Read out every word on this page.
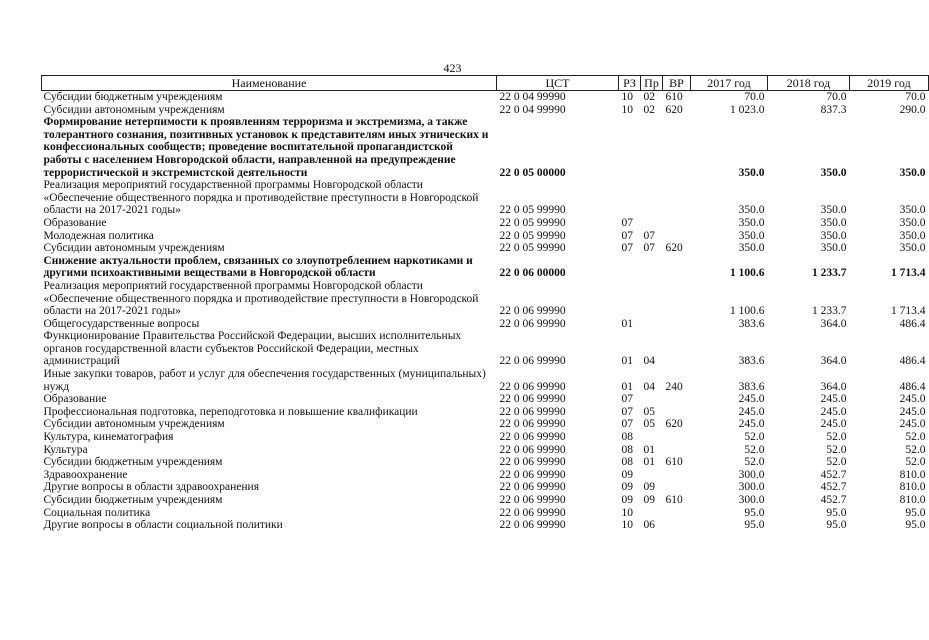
423
Наименование	ЦСТ	РЗ	Пр	ВР	2017 год	2018 год	2019 год
Субсидии бюджетным учреждениям	22 0 04 99990	10	02	610	70.0	70.0	70.0
Субсидии автономным учреждениям	22 0 04 99990	10	02	620	1 023.0	837.3	290.0
Формирование нетерпимости к проявлениям терроризма и экстремизма, а также толерантного сознания, позитивных установок к представителям иных этнических и конфессиональных сообществ; проведение воспитательной пропагандистской работы с населением Новгородской области, направленной на предупреждение террористической и экстремистской деятельности	22 0 05 00000				350.0	350.0	350.0
Реализация мероприятий государственной программы Новгородской области «Обеспечение общественного порядка и противодействие преступности в Новгородской области на 2017-2021 годы»	22 0 05 99990				350.0	350.0	350.0
Образование	22 0 05 99990	07			350.0	350.0	350.0
Молодежная политика	22 0 05 99990	07	07		350.0	350.0	350.0
Субсидии автономным учреждениям	22 0 05 99990	07	07	620	350.0	350.0	350.0
Снижение актуальности проблем, связанных со злоупотреблением наркотиками и другими психоактивными веществами в Новгородской области	22 0 06 00000				1 100.6	1 233.7	1 713.4
Реализация мероприятий государственной программы Новгородской области «Обеспечение общественного порядка и противодействие преступности в Новгородской области на 2017-2021 годы»	22 0 06 99990				1 100.6	1 233.7	1 713.4
Общегосударственные вопросы	22 0 06 99990	01			383.6	364.0	486.4
Функционирование Правительства Российской Федерации, высших исполнительных органов государственной власти субъектов Российской Федерации, местных администраций	22 0 06 99990	01	04		383.6	364.0	486.4
Иные закупки товаров, работ и услуг для обеспечения государственных (муниципальных) нужд	22 0 06 99990	01	04	240	383.6	364.0	486.4
Образование	22 0 06 99990	07			245.0	245.0	245.0
Профессиональная подготовка, переподготовка и повышение квалификации	22 0 06 99990	07	05		245.0	245.0	245.0
Субсидии автономным учреждениям	22 0 06 99990	07	05	620	245.0	245.0	245.0
Культура, кинематография	22 0 06 99990	08			52.0	52.0	52.0
Культура	22 0 06 99990	08	01		52.0	52.0	52.0
Субсидии бюджетным учреждениям	22 0 06 99990	08	01	610	52.0	52.0	52.0
Здравоохранение	22 0 06 99990	09			300.0	452.7	810.0
Другие вопросы в области здравоохранения	22 0 06 99990	09	09		300.0	452.7	810.0
Субсидии бюджетным учреждениям	22 0 06 99990	09	09	610	300.0	452.7	810.0
Социальная политика	22 0 06 99990	10			95.0	95.0	95.0
Другие вопросы в области социальной политики	22 0 06 99990	10	06		95.0	95.0	95.0
